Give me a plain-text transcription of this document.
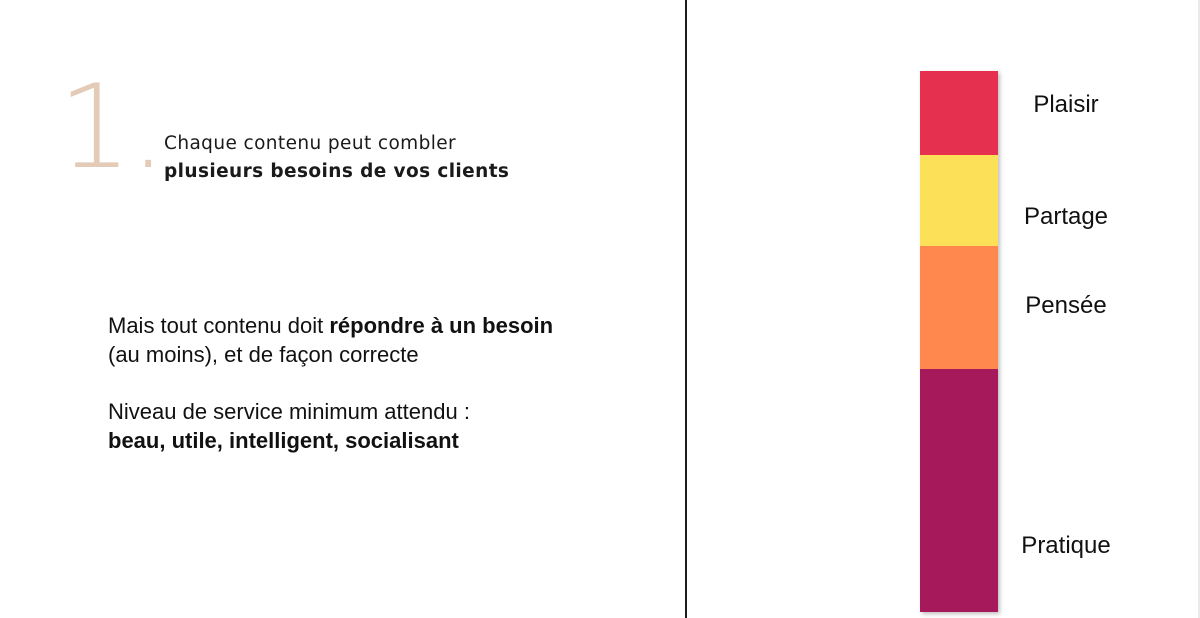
1. Chaque contenu peut combler
plusieurs besoins de vos clients

Mais tout contenu doit répondre à un besoin

(au moins), et de façon correcte

Niveau de service minimum attendu :

beau, utile, intelligent, socialisant

Plaisir
Partage
Pensée
Pratique
